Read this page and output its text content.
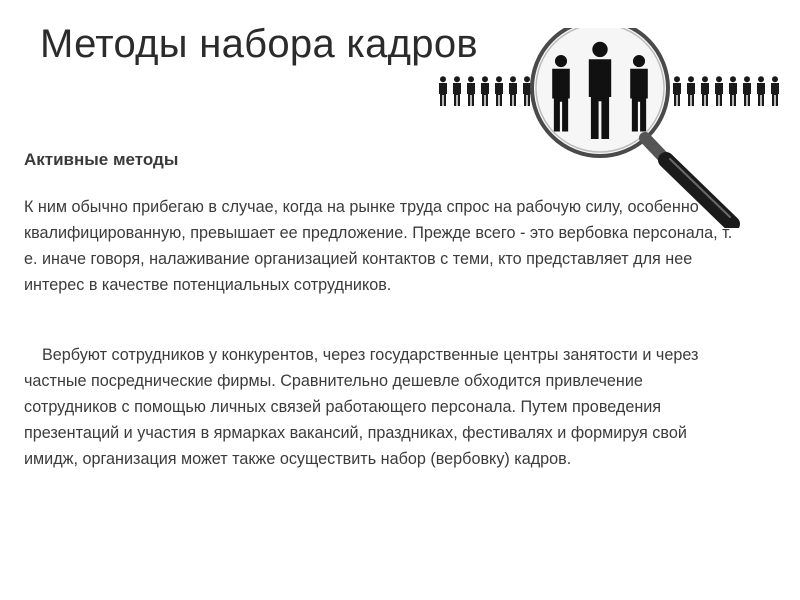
Методы набора кадров
Активные методы

К ним обычно прибегаю в случае, когда на рынке труда спрос на рабочую силу, особенно квалифицированную, превышает ее предложение. Прежде всего - это вербовка персонала, т. е. иначе говоря, налаживание организацией контактов с теми, кто представляет для нее интерес в качестве потенциальных сотрудников.

Вербуют сотрудников у конкурентов, через государственные центры занятости и через частные посреднические фирмы. Сравнительно дешевле обходится привлечение сотрудников с помощью личных связей работающего персонала. Путем проведения презентаций и участия в ярмарках вакансий, праздниках, фестивалях и формируя свой имидж, организация может также осуществить набор (вербовку) кадров.
